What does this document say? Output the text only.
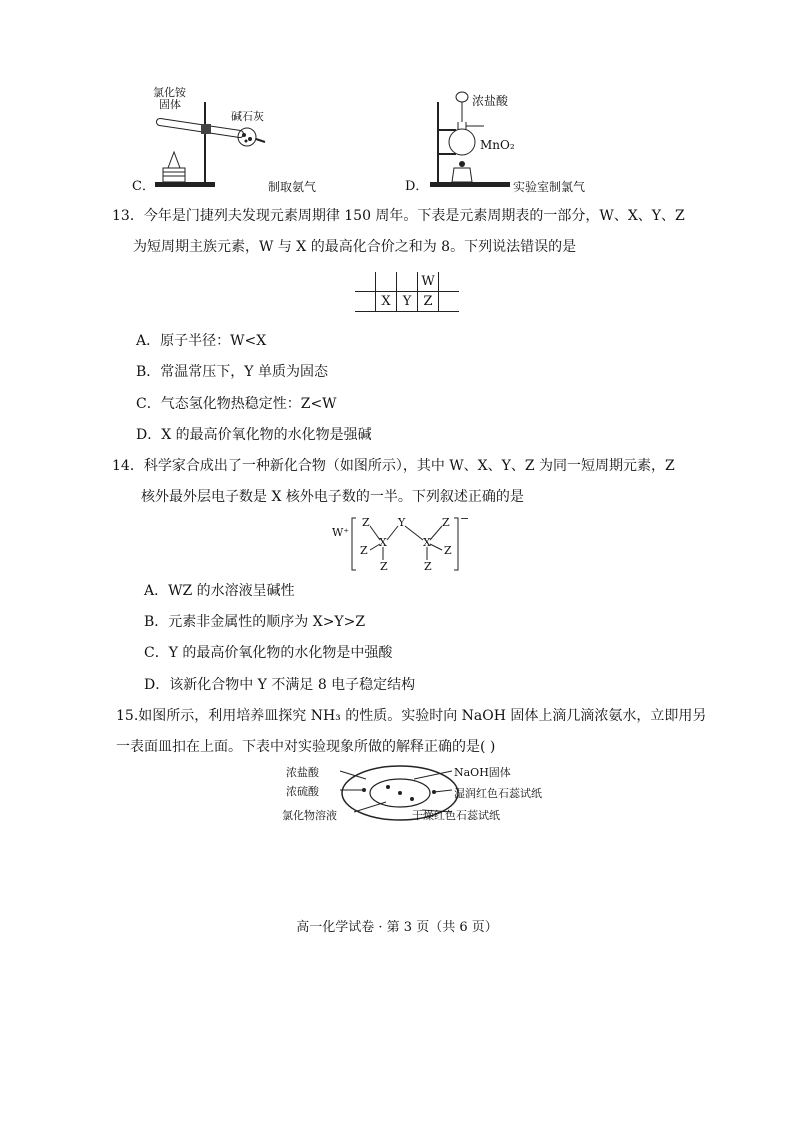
氯化铵
固体
碱石灰
C．	制取氨气
浓盐酸
MnO₂
D．	实验室制氯气
13．今年是门捷列夫发现元素周期律 150 周年。下表是元素周期表的一部分，W、X、Y、Z
为短周期主族元素，W 与 X 的最高化合价之和为 8。下列说法错误的是
			W	
	X	Y	Z	
A．原子半径：W<X
B．常温常压下，Y 单质为固态
C．气态氢化物热稳定性：Z<W
D．X 的最高价氧化物的水化物是强碱
14．科学家合成出了一种新化合物（如图所示），其中 W、X、Y、Z 为同一短周期元素，Z
核外最外层电子数是 X 核外电子数的一半。下列叙述正确的是
W⁺
Z
Z
X
Z
Y
X
Z
Z
Z
−
A．WZ 的水溶液呈碱性
B．元素非金属性的顺序为 X>Y>Z
C．Y 的最高价氧化物的水化物是中强酸
D．该新化合物中 Y 不满足 8 电子稳定结构
15.如图所示，利用培养皿探究 NH₃ 的性质。实验时向 NaOH 固体上滴几滴浓氨水，立即用另
一表面皿扣在上面。下表中对实验现象所做的解释正确的是( )
浓盐酸
浓硫酸
氯化物溶液
NaOH固体
湿润红色石蕊试纸
干燥红色石蕊试纸
高一化学试卷 · 第 3 页（共 6 页）
